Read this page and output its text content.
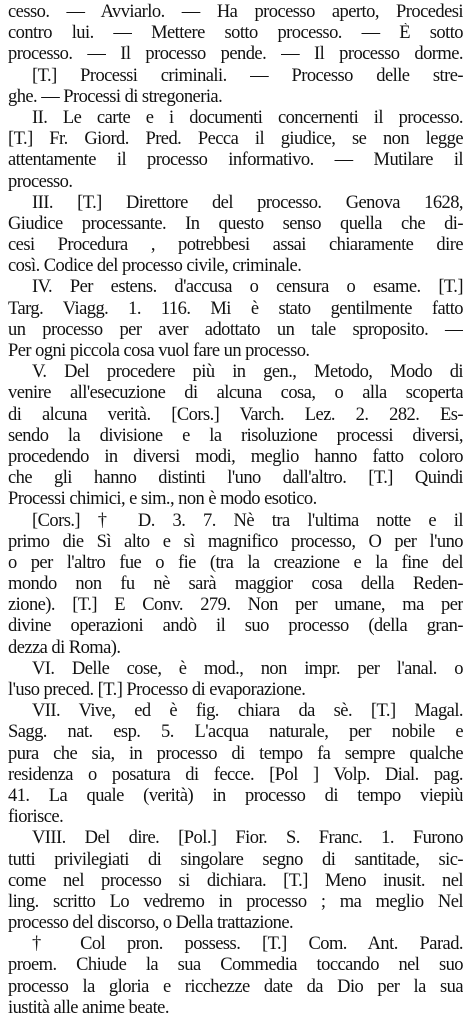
cesso. — Avviarlo. — Ha processo aperto, Procedesi
contro lui. — Mettere sotto processo. — È sotto
processo. — Il processo pende. — Il processo dorme.
[T.] Processi criminali. — Processo delle stre-
ghe. — Processi di stregoneria.
II. Le carte e i documenti concernenti il processo.
[T.] Fr. Giord. Pred. Pecca il giudice, se non legge
attentamente il processo informativo. — Mutilare il
processo.
III. [T.] Direttore del processo. Genova 1628,
Giudice processante. In questo senso quella che di-
cesi Procedura , potrebbesi assai chiaramente dire
così. Codice del processo civile, criminale.
IV. Per estens. d'accusa o censura o esame. [T.]
Targ. Viagg. 1. 116. Mi è stato gentilmente fatto
un processo per aver adottato un tale sproposito. —
Per ogni piccola cosa vuol fare un processo.
V. Del procedere più in gen., Metodo, Modo di
venire all'esecuzione di alcuna cosa, o alla scoperta
di alcuna verità. [Cors.] Varch. Lez. 2. 282. Es-
sendo la divisione e la risoluzione processi diversi,
procedendo in diversi modi, meglio hanno fatto coloro
che gli hanno distinti l'uno dall'altro. [T.] Quindi
Processi chimici, e sim., non è modo esotico.
[Cors.] † D. 3. 7. Nè tra l'ultima notte e il
primo die Sì alto e sì magnifico processo, O per l'uno
o per l'altro fue o fie (tra la creazione e la fine del
mondo non fu nè sarà maggior cosa della Reden-
zione). [T.] E Conv. 279. Non per umane, ma per
divine operazioni andò il suo processo (della gran-
dezza di Roma).
VI. Delle cose, è mod., non impr. per l'anal. o
l'uso preced. [T.] Processo di evaporazione.
VII. Vive, ed è fig. chiara da sè. [T.] Magal.
Sagg. nat. esp. 5. L'acqua naturale, per nobile e
pura che sia, in processo di tempo fa sempre qualche
residenza o posatura di fecce. [Pol ] Volp. Dial. pag.
41. La quale (verità) in processo di tempo viepiù
fiorisce.
VIII. Del dire. [Pol.] Fior. S. Franc. 1. Furono
tutti privilegiati di singolare segno di santitade, sic-
come nel processo si dichiara. [T.] Meno inusit. nel
ling. scritto Lo vedremo in processo ; ma meglio Nel
processo del discorso, o Della trattazione.
† Col pron. possess. [T.] Com. Ant. Parad.
proem. Chiude la sua Commedia toccando nel suo
processo la gloria e ricchezze date da Dio per la sua
iustità alle anime beate.
